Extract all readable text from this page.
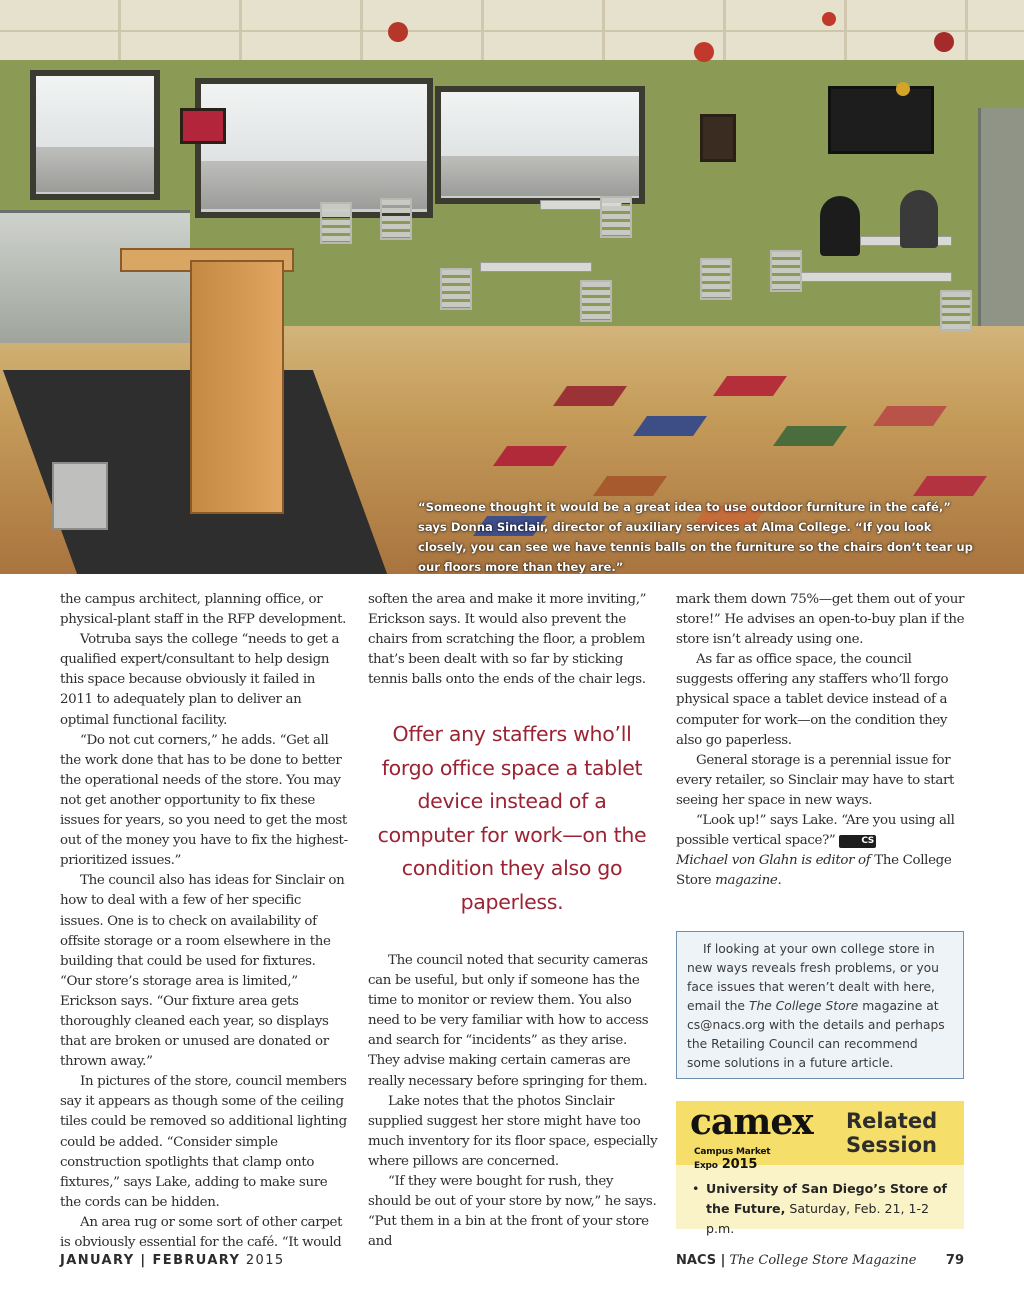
“Someone thought it would be a great idea to use outdoor furniture in the café,” says Donna Sinclair, director of auxiliary services at Alma College. “If you look closely, you can see we have tennis balls on the furniture so the chairs don’t tear up our floors more than they are.”

the campus architect, planning office, or physical-plant staff in the RFP development.

Votruba says the college “needs to get a qualified expert/consultant to help design this space because obviously it failed in 2011 to adequately plan to deliver an optimal functional facility.

“Do not cut corners,” he adds. “Get all the work done that has to be done to better the operational needs of the store. You may not get another opportunity to fix these issues for years, so you need to get the most out of the money you have to fix the highest-prioritized issues.”

The council also has ideas for Sinclair on how to deal with a few of her specific issues. One is to check on availability of offsite storage or a room elsewhere in the building that could be used for fixtures. “Our store’s storage area is limited,” Erickson says. “Our fixture area gets thoroughly cleaned each year, so displays that are broken or unused are donated or thrown away.”

In pictures of the store, council members say it appears as though some of the ceiling tiles could be removed so additional lighting could be added. “Consider simple construction spotlights that clamp onto fixtures,” says Lake, adding to make sure the cords can be hidden.

An area rug or some sort of other carpet is obviously essential for the café. “It would

soften the area and make it more inviting,” Erickson says. It would also prevent the chairs from scratching the floor, a problem that’s been dealt with so far by sticking tennis balls onto the ends of the chair legs.

Offer any staffers who’ll forgo office space a tablet device instead of a computer for work—on the condition they also go paperless.

The council noted that security cameras can be useful, but only if someone has the time to monitor or review them. You also need to be very familiar with how to access and search for “incidents” as they arise. They advise making certain cameras are really necessary before springing for them.

Lake notes that the photos Sinclair supplied suggest her store might have too much inventory for its floor space, especially where pillows are concerned.

“If they were bought for rush, they should be out of your store by now,” he says. “Put them in a bin at the front of your store and

mark them down 75%—get them out of your store!” He advises an open-to-buy plan if the store isn’t already using one.

As far as office space, the council suggests offering any staffers who’ll forgo physical space a tablet device instead of a computer for work—on the condition they also go paperless.

General storage is a perennial issue for every retailer, so Sinclair may have to start seeing her space in new ways.

“Look up!” says Lake. “Are you using all possible vertical space?”	CS

Michael von Glahn is editor of The College Store magazine.

If looking at your own college store in new ways reveals fresh problems, or you face issues that weren’t dealt with here, email the The College Store magazine at cs@nacs.org with the details and perhaps the Retailing Council can recommend some solutions in a future article.

camex
Campus Market Expo 2015
Related
Session
• University of San Diego’s Store of the Future, Saturday, Feb. 21, 1-2 p.m.
JANUARY | FEBRUARY 2015	NACS | The College Store Magazine 79
